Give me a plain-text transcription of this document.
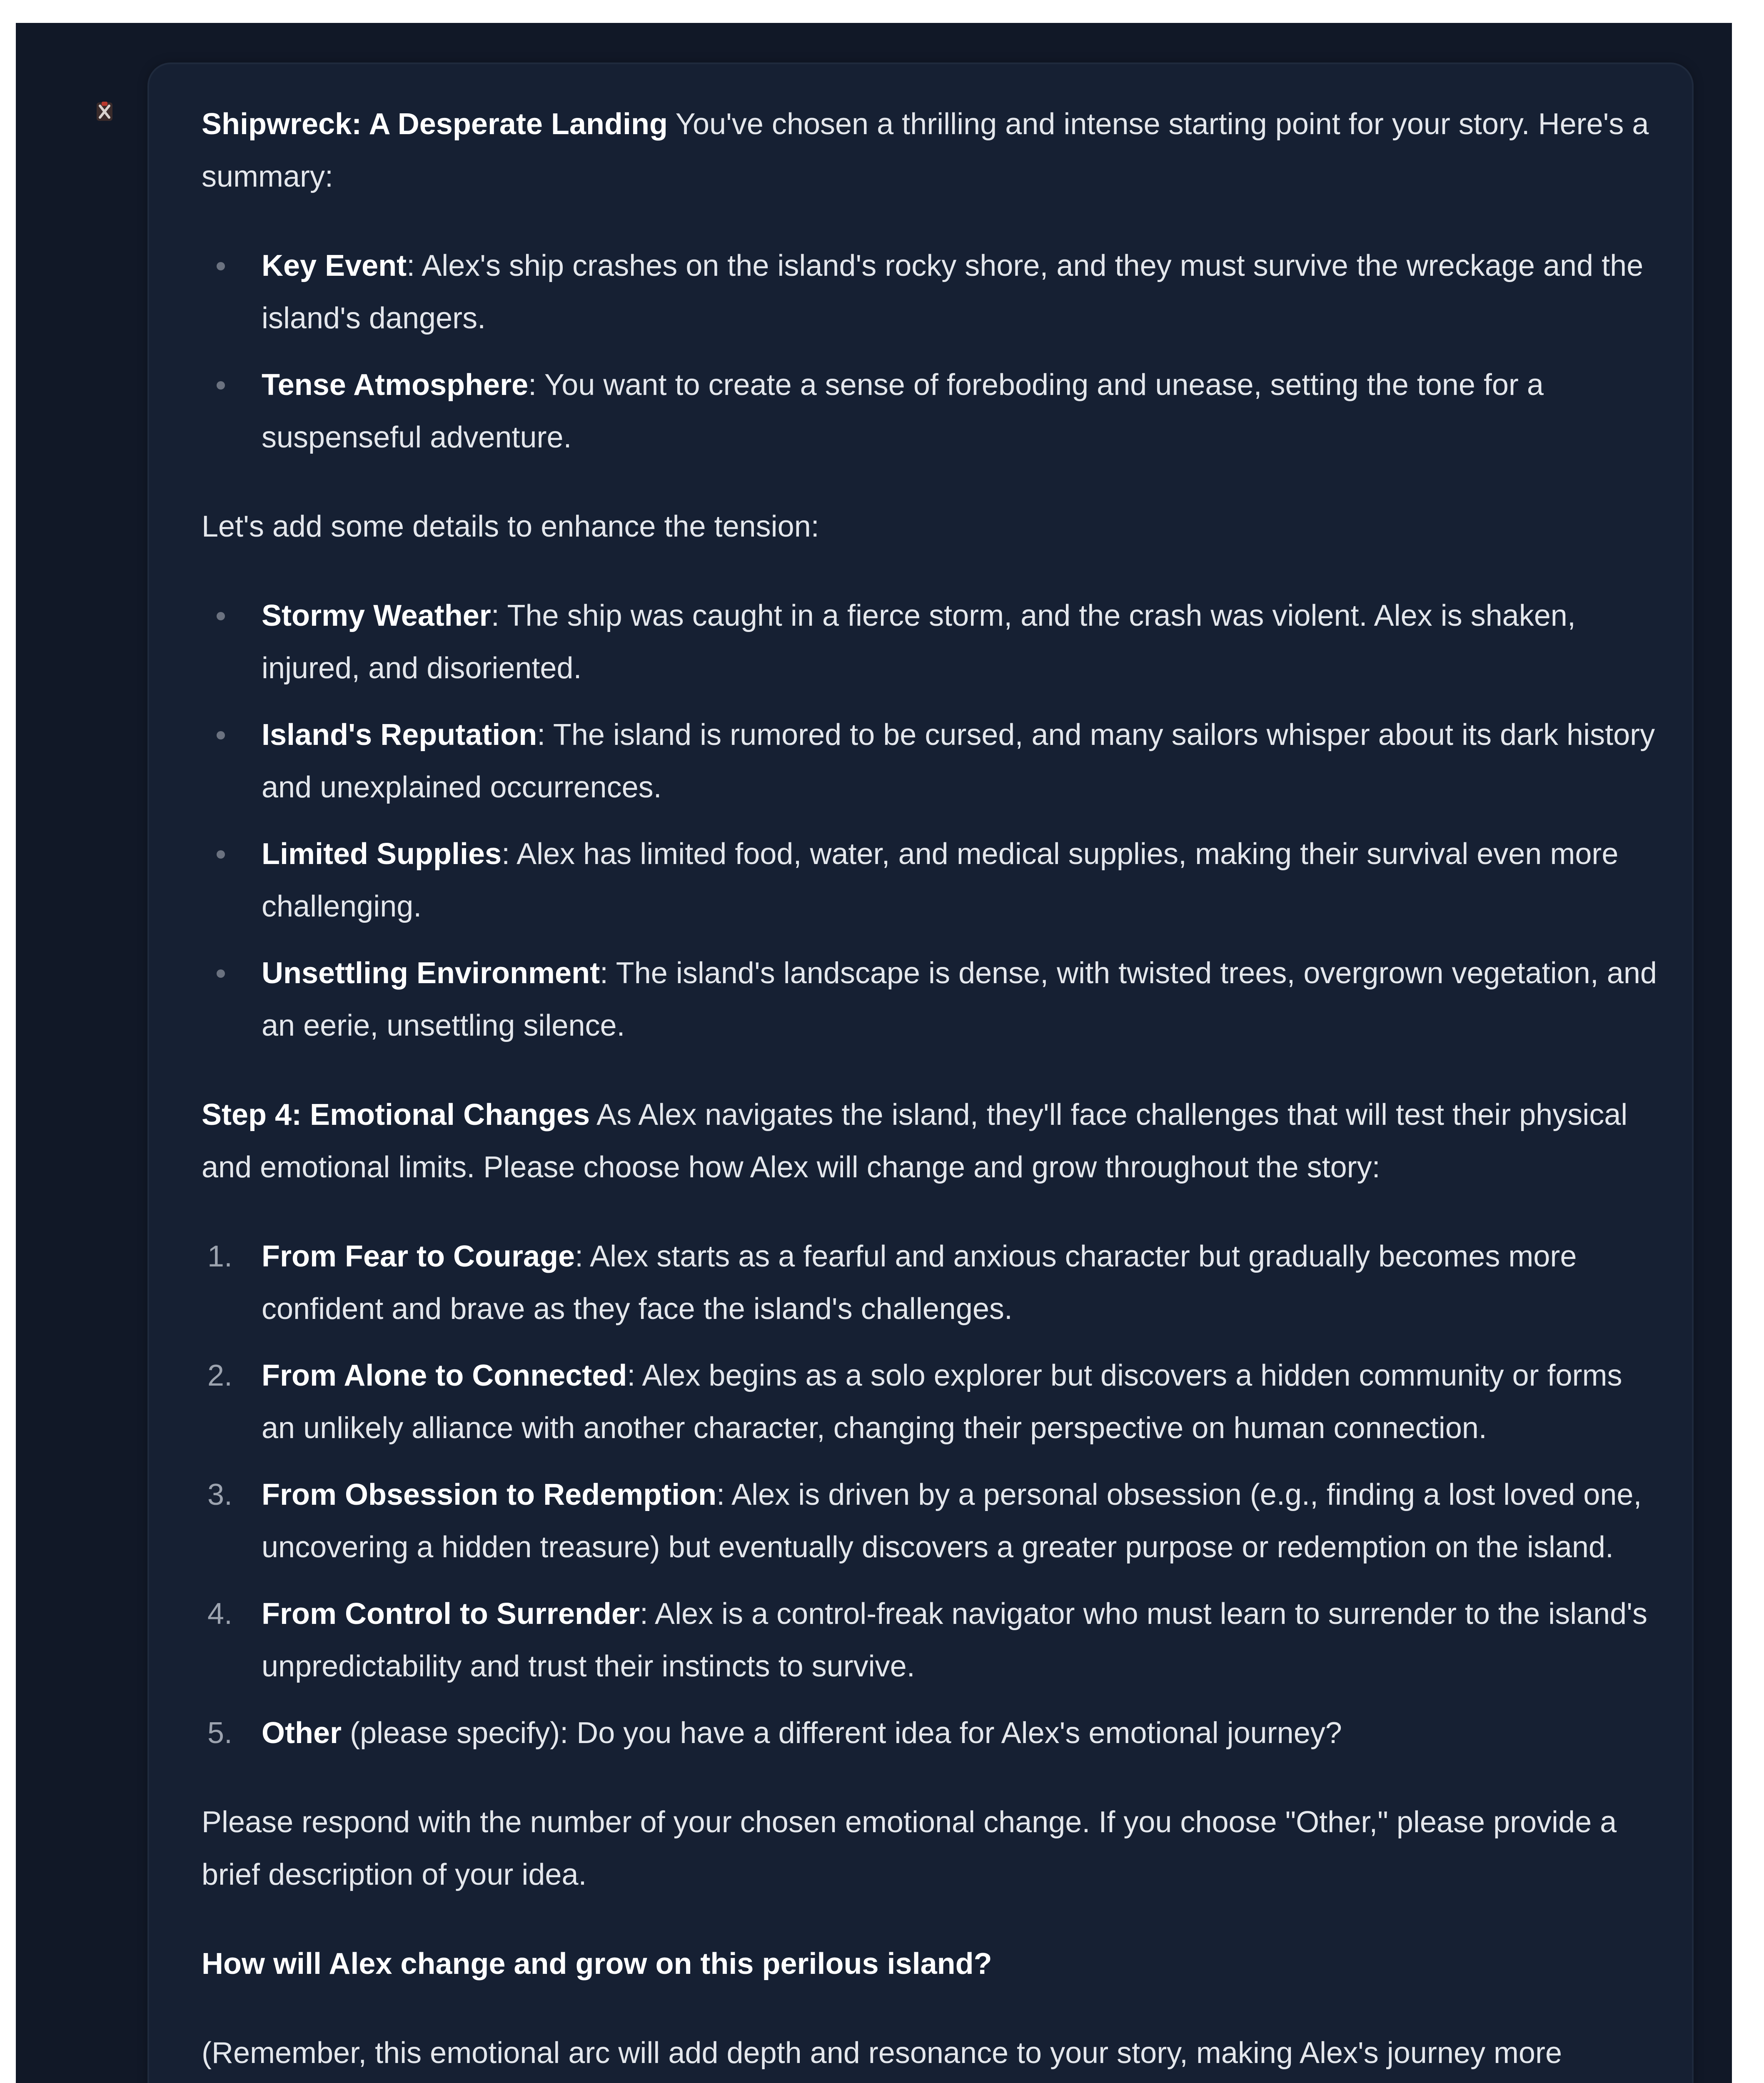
Shipwreck: A Desperate Landing You've chosen a thrilling and intense starting point for your story. Here's a summary:

Key Event: Alex's ship crashes on the island's rocky shore, and they must survive the wreckage and the island's dangers.
Tense Atmosphere: You want to create a sense of foreboding and unease, setting the tone for a suspenseful adventure.

Let's add some details to enhance the tension:

Stormy Weather: The ship was caught in a fierce storm, and the crash was violent. Alex is shaken, injured, and disoriented.
Island's Reputation: The island is rumored to be cursed, and many sailors whisper about its dark history and unexplained occurrences.
Limited Supplies: Alex has limited food, water, and medical supplies, making their survival even more challenging.
Unsettling Environment: The island's landscape is dense, with twisted trees, overgrown vegetation, and an eerie, unsettling silence.

Step 4: Emotional Changes As Alex navigates the island, they'll face challenges that will test their physical and emotional limits. Please choose how Alex will change and grow throughout the story:

1. From Fear to Courage: Alex starts as a fearful and anxious character but gradually becomes more confident and brave as they face the island's challenges.
2. From Alone to Connected: Alex begins as a solo explorer but discovers a hidden community or forms an unlikely alliance with another character, changing their perspective on human connection.
3. From Obsession to Redemption: Alex is driven by a personal obsession (e.g., finding a lost loved one, uncovering a hidden treasure) but eventually discovers a greater purpose or redemption on the island.
4. From Control to Surrender: Alex is a control-freak navigator who must learn to surrender to the island's unpredictability and trust their instincts to survive.
5. Other (please specify): Do you have a different idea for Alex's emotional journey?

Please respond with the number of your chosen emotional change. If you choose "Other," please provide a brief description of your idea.

How will Alex change and grow on this perilous island?

(Remember, this emotional arc will add depth and resonance to your story, making Alex's journey more
